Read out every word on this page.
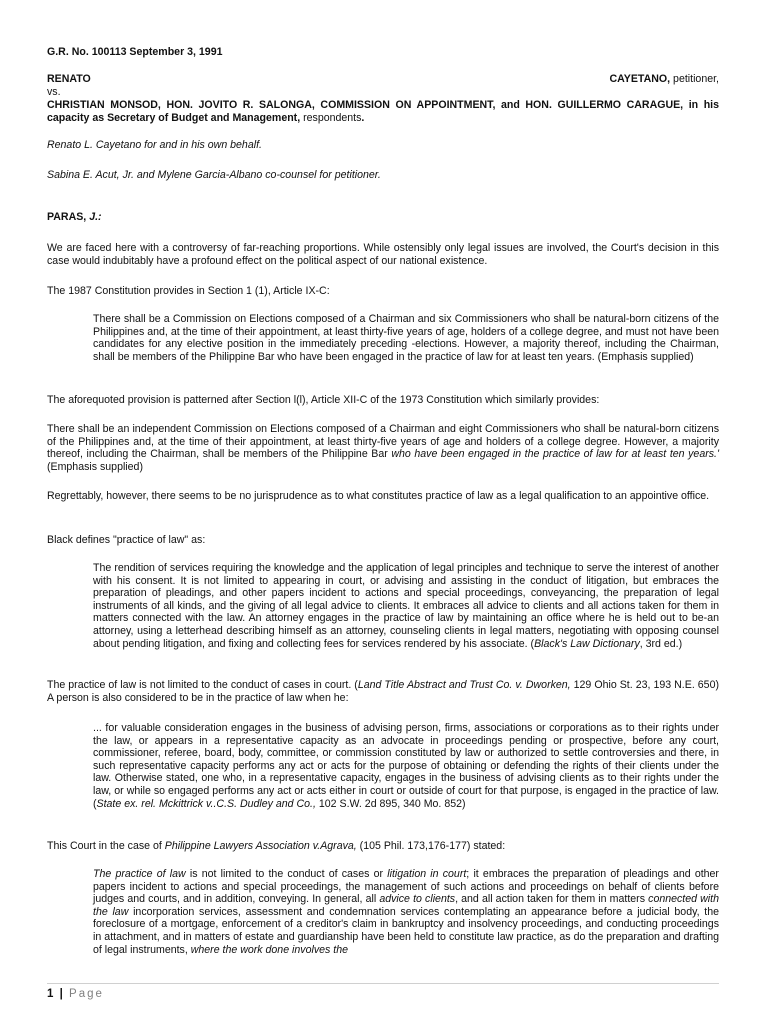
G.R. No. 100113 September 3, 1991

RENATO	CAYETANO, petitioner,

vs.

CHRISTIAN MONSOD, HON. JOVITO R. SALONGA, COMMISSION ON APPOINTMENT, and HON. GUILLERMO CARAGUE, in his capacity as Secretary of Budget and Management, respondents.

Renato L. Cayetano for and in his own behalf.

Sabina E. Acut, Jr. and Mylene Garcia-Albano co-counsel for petitioner.

PARAS, J.:

We are faced here with a controversy of far-reaching proportions. While ostensibly only legal issues are involved, the Court's decision in this case would indubitably have a profound effect on the political aspect of our national existence.

The 1987 Constitution provides in Section 1 (1), Article IX-C:

There shall be a Commission on Elections composed of a Chairman and six Commissioners who shall be natural-born citizens of the Philippines and, at the time of their appointment, at least thirty-five years of age, holders of a college degree, and must not have been candidates for any elective position in the immediately preceding -elections. However, a majority thereof, including the Chairman, shall be members of the Philippine Bar who have been engaged in the practice of law for at least ten years. (Emphasis supplied)

The aforequoted provision is patterned after Section l(l), Article XII-C of the 1973 Constitution which similarly provides:

There shall be an independent Commission on Elections composed of a Chairman and eight Commissioners who shall be natural-born citizens of the Philippines and, at the time of their appointment, at least thirty-five years of age and holders of a college degree. However, a majority thereof, including the Chairman, shall be members of the Philippine Bar who have been engaged in the practice of law for at least ten years.' (Emphasis supplied)

Regrettably, however, there seems to be no jurisprudence as to what constitutes practice of law as a legal qualification to an appointive office.

Black defines "practice of law" as:

The rendition of services requiring the knowledge and the application of legal principles and technique to serve the interest of another with his consent. It is not limited to appearing in court, or advising and assisting in the conduct of litigation, but embraces the preparation of pleadings, and other papers incident to actions and special proceedings, conveyancing, the preparation of legal instruments of all kinds, and the giving of all legal advice to clients. It embraces all advice to clients and all actions taken for them in matters connected with the law. An attorney engages in the practice of law by maintaining an office where he is held out to be-an attorney, using a letterhead describing himself as an attorney, counseling clients in legal matters, negotiating with opposing counsel about pending litigation, and fixing and collecting fees for services rendered by his associate. (Black's Law Dictionary, 3rd ed.)

The practice of law is not limited to the conduct of cases in court. (Land Title Abstract and Trust Co. v. Dworken, 129 Ohio St. 23, 193 N.E. 650) A person is also considered to be in the practice of law when he:

... for valuable consideration engages in the business of advising person, firms, associations or corporations as to their rights under the law, or appears in a representative capacity as an advocate in proceedings pending or prospective, before any court, commissioner, referee, board, body, committee, or commission constituted by law or authorized to settle controversies and there, in such representative capacity performs any act or acts for the purpose of obtaining or defending the rights of their clients under the law. Otherwise stated, one who, in a representative capacity, engages in the business of advising clients as to their rights under the law, or while so engaged performs any act or acts either in court or outside of court for that purpose, is engaged in the practice of law. (State ex. rel. Mckittrick v..C.S. Dudley and Co., 102 S.W. 2d 895, 340 Mo. 852)

This Court in the case of Philippine Lawyers Association v.Agrava, (105 Phil. 173,176-177) stated:

The practice of law is not limited to the conduct of cases or litigation in court; it embraces the preparation of pleadings and other papers incident to actions and special proceedings, the management of such actions and proceedings on behalf of clients before judges and courts, and in addition, conveying. In general, all advice to clients, and all action taken for them in matters connected with the law incorporation services, assessment and condemnation services contemplating an appearance before a judicial body, the foreclosure of a mortgage, enforcement of a creditor's claim in bankruptcy and insolvency proceedings, and conducting proceedings in attachment, and in matters of estate and guardianship have been held to constitute law practice, as do the preparation and drafting of legal instruments, where the work done involves the

1 | Page
